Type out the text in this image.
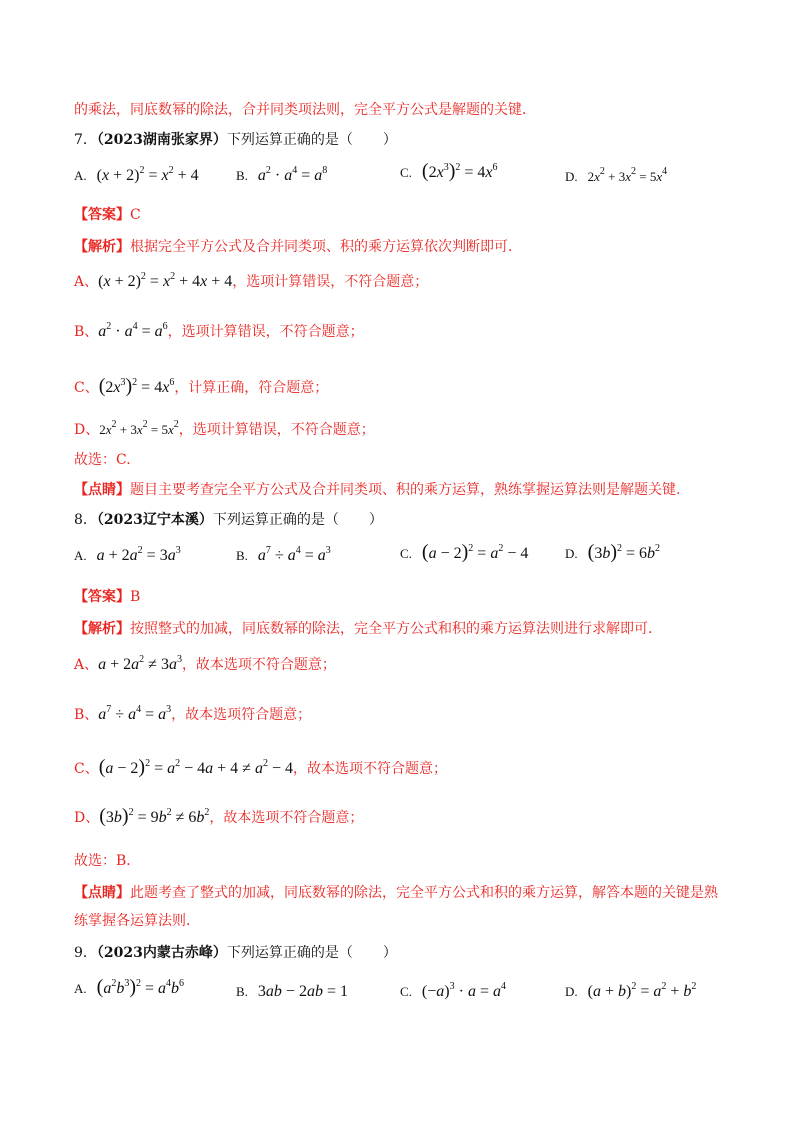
的乘法，同底数幂的除法，合并同类项法则，完全平方公式是解题的关键．
7．（2023湖南张家界）下列运算正确的是（ ）
A. $(x + 2)^2 = x^2 + 4$	B. $a^2 \cdot a^4 = a^8$	C. $(2x^3)^2 = 4x^6$
D. $2x^2 + 3x^2 = 5x^4$
【答案】C
【解析】根据完全平方公式及合并同类项、积的乘方运算依次判断即可．
A、$(x + 2)^2 = x^2 + 4x + 4$，选项计算错误，不符合题意；
B、$a^2 \cdot a^4 = a^6$，选项计算错误，不符合题意；
C、$(2x^3)^2 = 4x^6$，计算正确，符合题意；
D、$2x^2 + 3x^2 = 5x^2$，选项计算错误，不符合题意；
故选：C.
【点睛】题目主要考查完全平方公式及合并同类项、积的乘方运算，熟练掌握运算法则是解题关键.
8．（2023辽宁本溪）下列运算正确的是（ ）
A. $a + 2a^2 = 3a^3$	B. $a^7 \div a^4 = a^3$	C. $(a - 2)^2 = a^2 - 4$	D. $(3b)^2 = 6b^2$
【答案】B
【解析】按照整式的加减，同底数幂的除法，完全平方公式和积的乘方运算法则进行求解即可．
A、$a + 2a^2 \ne 3a^3$，故本选项不符合题意；
B、$a^7 \div a^4 = a^3$，故本选项符合题意；
C、$(a - 2)^2 = a^2 - 4a + 4 \ne a^2 - 4$，故本选项不符合题意；
D、$(3b)^2 = 9b^2 \ne 6b^2$，故本选项不符合题意；
故选：B．
【点睛】此题考查了整式的加减，同底数幂的除法，完全平方公式和积的乘方运算，解答本题的关键是熟
练掌握各运算法则．
9．（2023内蒙古赤峰）下列运算正确的是（ ）
A. $(a^2b^3)^2 = a^4b^6$
B. 3ab − 2ab = 1	C. $(-a)^3 \cdot a = a^4$	D. $(a + b)^2 = a^2 + b^2$
